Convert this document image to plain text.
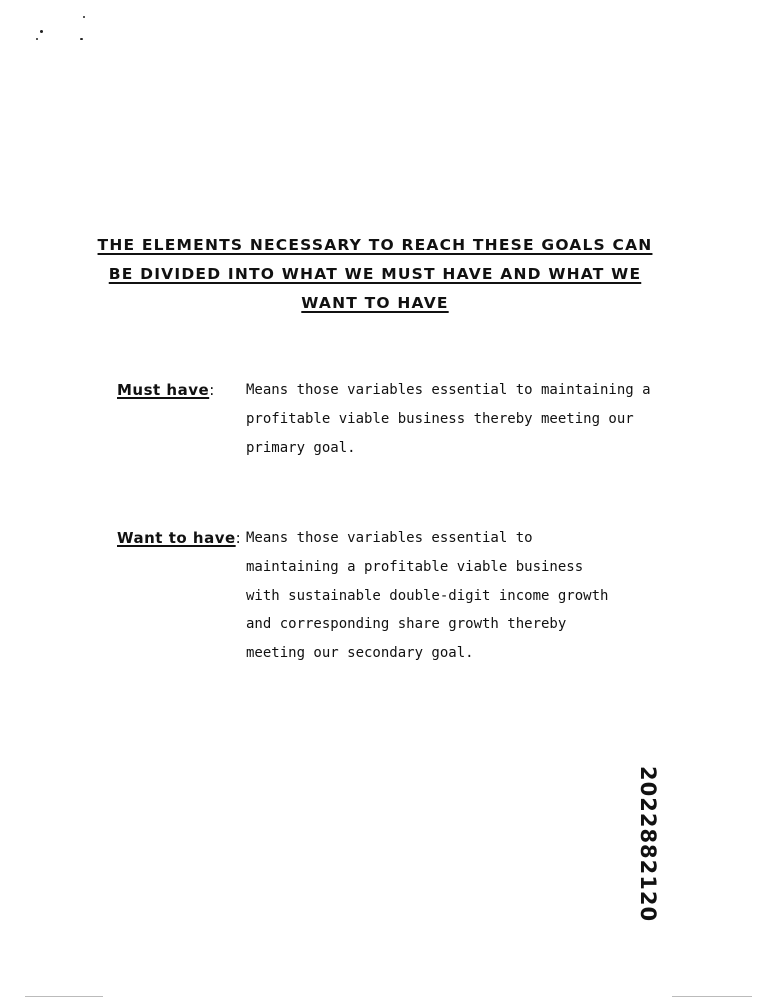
THE ELEMENTS NECESSARY TO REACH THESE GOALS CAN
BE DIVIDED INTO WHAT WE MUST HAVE AND WHAT WE
WANT TO HAVE
Must have: Means those variables essential to maintaining a
profitable viable business thereby meeting our
primary goal.
Want to have: Means those variables essential to
maintaining a profitable viable business
with sustainable double-digit income growth
and corresponding share growth thereby
meeting our secondary goal.
2022882120
